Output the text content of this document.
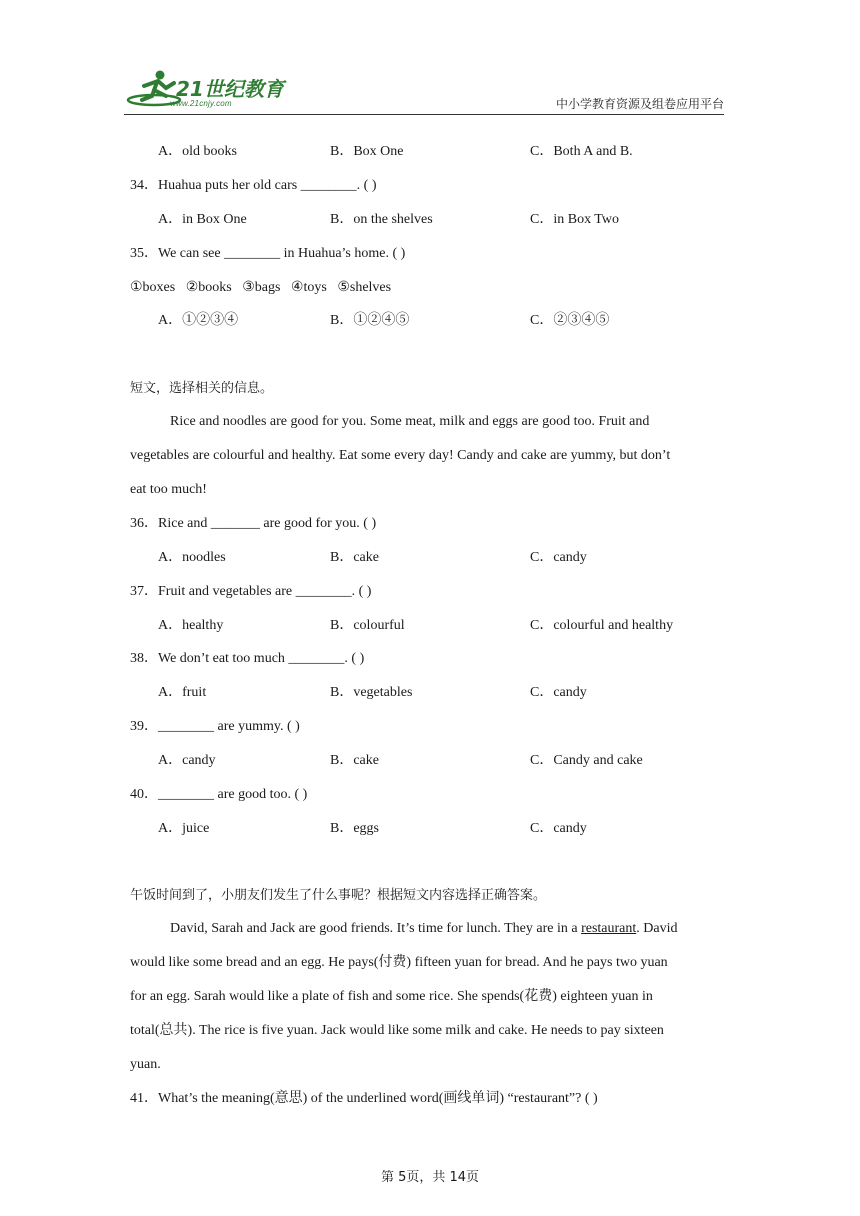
21世纪教育
www.21cnjy.com	中小学教育资源及组卷应用平台
A．old books	B．Box One	C．Both A and B.
34．Huahua puts her old cars ________. ( )
A．in Box One	B．on the shelves	C．in Box Two
35．We can see ________ in Huahua’s home. ( )
①boxes   ②books   ③bags   ④toys   ⑤shelves
A．①②③④	B．①②④⑤	C．②③④⑤
短文，选择相关的信息。
Rice and noodles are good for you. Some meat, milk and eggs are good too. Fruit and
vegetables are colourful and healthy. Eat some every day! Candy and cake are yummy, but don’t
eat too much!
36．Rice and _______ are good for you. ( )
A．noodles	B．cake	C．candy
37．Fruit and vegetables are ________. ( )
A．healthy	B．colourful	C．colourful and healthy
38．We don’t eat too much ________. ( )
A．fruit	B．vegetables	C．candy
39．________ are yummy. ( )
A．candy	B．cake	C．Candy and cake
40．________ are good too. ( )
A．juice	B．eggs	C．candy
午饭时间到了，小朋友们发生了什么事呢？根据短文内容选择正确答案。
David, Sarah and Jack are good friends. It’s time for lunch. They are in a restaurant. David
would like some bread and an egg. He pays(付费) fifteen yuan for bread. And he pays two yuan
for an egg. Sarah would like a plate of fish and some rice. She spends(花费) eighteen yuan in
total(总共). The rice is five yuan. Jack would like some milk and cake. He needs to pay sixteen
yuan.
41．What’s the meaning(意思) of the underlined word(画线单词) “restaurant”? ( )
第 5页，共 14页
